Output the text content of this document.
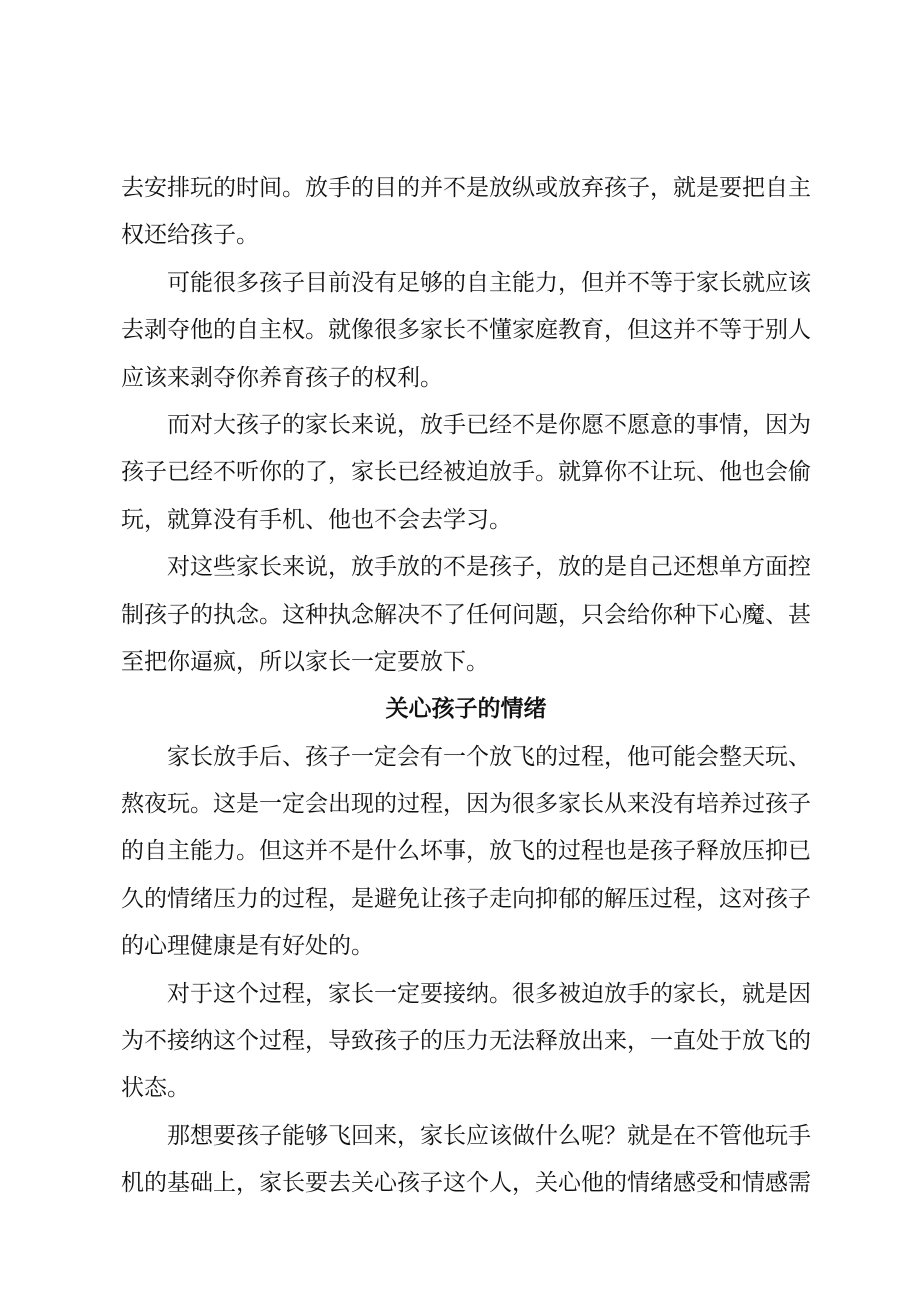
去安排玩的时间。放手的目的并不是放纵或放弃孩子，就是要把自主
权还给孩子。
可能很多孩子目前没有足够的自主能力，但并不等于家长就应该
去剥夺他的自主权。就像很多家长不懂家庭教育，但这并不等于别人
应该来剥夺你养育孩子的权利。
而对大孩子的家长来说，放手已经不是你愿不愿意的事情，因为
孩子已经不听你的了，家长已经被迫放手。就算你不让玩、他也会偷
玩，就算没有手机、他也不会去学习。
对这些家长来说，放手放的不是孩子，放的是自己还想单方面控
制孩子的执念。这种执念解决不了任何问题，只会给你种下心魔、甚
至把你逼疯，所以家长一定要放下。
关心孩子的情绪
家长放手后、孩子一定会有一个放飞的过程，他可能会整天玩、
熬夜玩。这是一定会出现的过程，因为很多家长从来没有培养过孩子
的自主能力。但这并不是什么坏事，放飞的过程也是孩子释放压抑已
久的情绪压力的过程，是避免让孩子走向抑郁的解压过程，这对孩子
的心理健康是有好处的。
对于这个过程，家长一定要接纳。很多被迫放手的家长，就是因
为不接纳这个过程，导致孩子的压力无法释放出来，一直处于放飞的
状态。
那想要孩子能够飞回来，家长应该做什么呢？就是在不管他玩手
机的基础上，家长要去关心孩子这个人，关心他的情绪感受和情感需
